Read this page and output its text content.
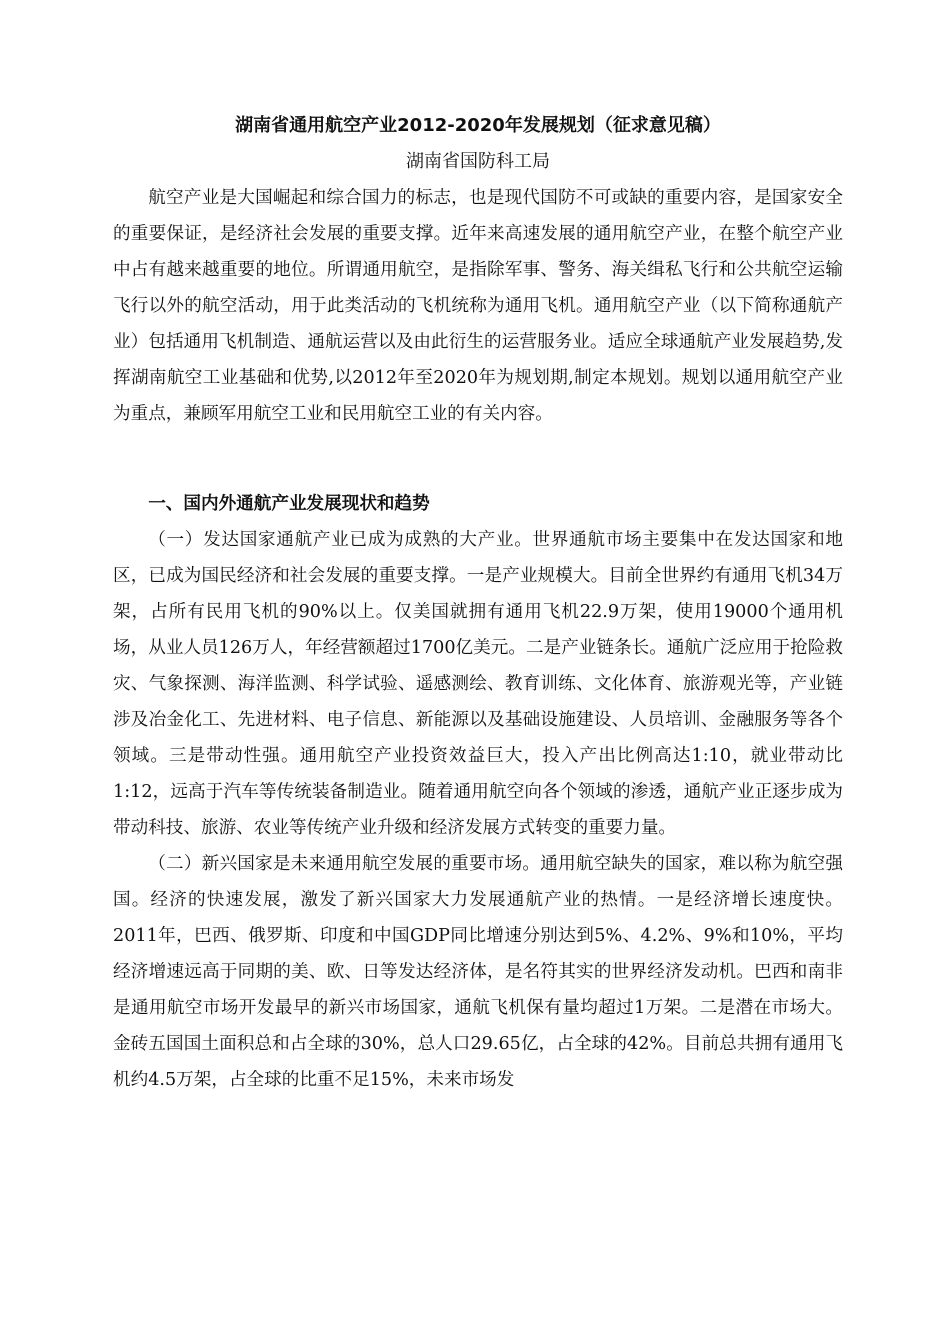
湖南省通用航空产业2012-2020年发展规划（征求意见稿）

湖南省国防科工局

航空产业是大国崛起和综合国力的标志，也是现代国防不可或缺的重要内容，是国家安全的重要保证，是经济社会发展的重要支撑。近年来高速发展的通用航空产业，在整个航空产业中占有越来越重要的地位。所谓通用航空，是指除军事、警务、海关缉私飞行和公共航空运输飞行以外的航空活动，用于此类活动的飞机统称为通用飞机。通用航空产业（以下简称通航产业）包括通用飞机制造、通航运营以及由此衍生的运营服务业。适应全球通航产业发展趋势,发挥湖南航空工业基础和优势,以2012年至2020年为规划期,制定本规划。规划以通用航空产业为重点，兼顾军用航空工业和民用航空工业的有关内容。

一、国内外通航产业发展现状和趋势

（一）发达国家通航产业已成为成熟的大产业。世界通航市场主要集中在发达国家和地区，已成为国民经济和社会发展的重要支撑。一是产业规模大。目前全世界约有通用飞机34万架，占所有民用飞机的90%以上。仅美国就拥有通用飞机22.9万架，使用19000个通用机场，从业人员126万人，年经营额超过1700亿美元。二是产业链条长。通航广泛应用于抢险救灾、气象探测、海洋监测、科学试验、遥感测绘、教育训练、文化体育、旅游观光等，产业链涉及冶金化工、先进材料、电子信息、新能源以及基础设施建设、人员培训、金融服务等各个领域。三是带动性强。通用航空产业投资效益巨大，投入产出比例高达1:10，就业带动比1:12，远高于汽车等传统装备制造业。随着通用航空向各个领域的渗透，通航产业正逐步成为带动科技、旅游、农业等传统产业升级和经济发展方式转变的重要力量。

（二）新兴国家是未来通用航空发展的重要市场。通用航空缺失的国家，难以称为航空强国。经济的快速发展，激发了新兴国家大力发展通航产业的热情。一是经济增长速度快。2011年，巴西、俄罗斯、印度和中国GDP同比增速分别达到5%、4.2%、9%和10%，平均经济增速远高于同期的美、欧、日等发达经济体，是名符其实的世界经济发动机。巴西和南非是通用航空市场开发最早的新兴市场国家，通航飞机保有量均超过1万架。二是潜在市场大。金砖五国国土面积总和占全球的30%，总人口29.65亿，占全球的42%。目前总共拥有通用飞机约4.5万架，占全球的比重不足15%，未来市场发
